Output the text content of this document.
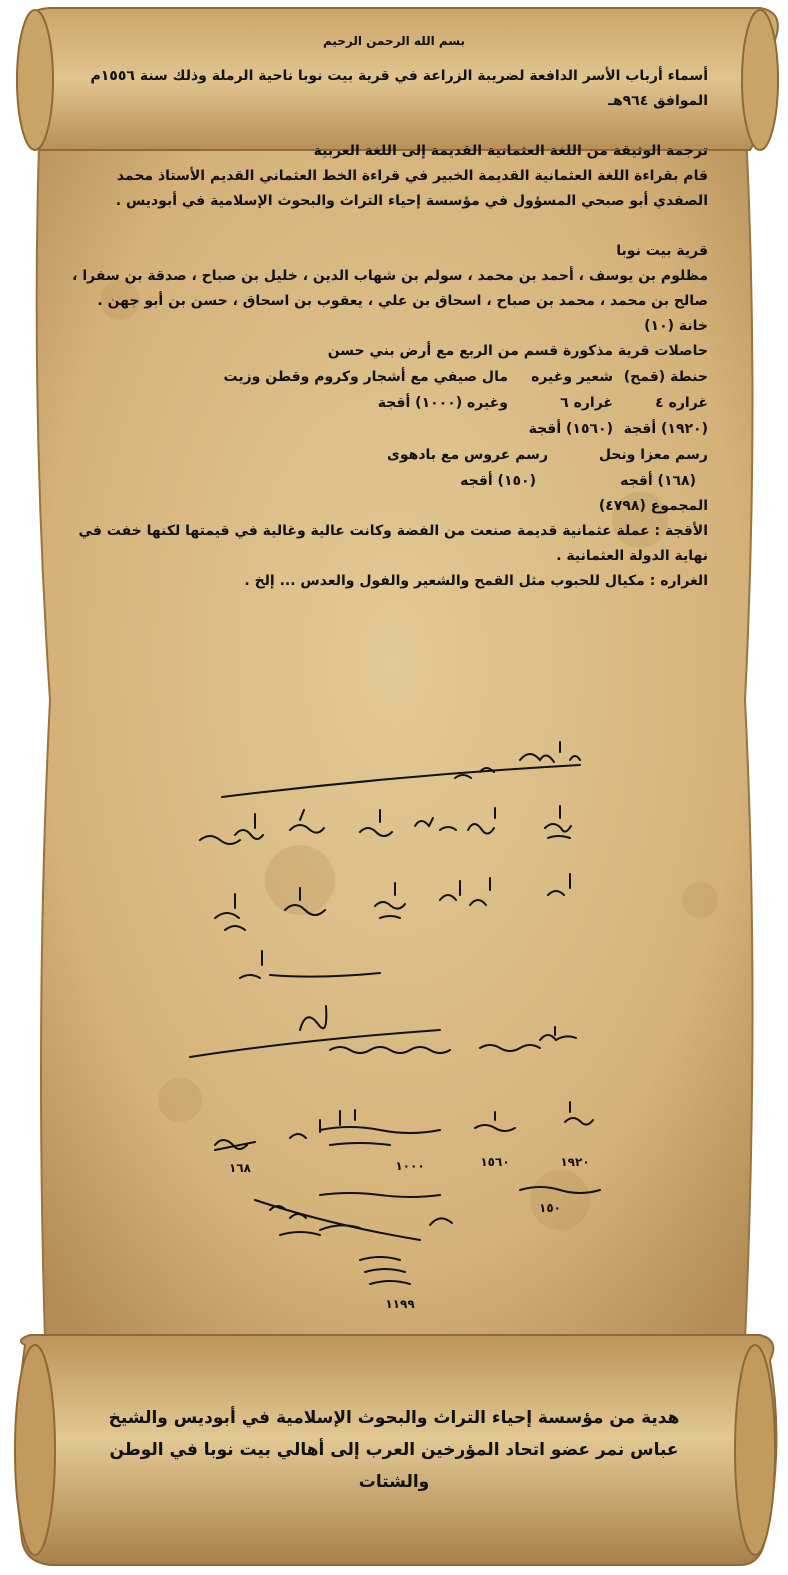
بسم الله الرحمن الرحيم

أسماء أرباب الأسر الدافعة لضريبة الزراعة في قرية بيت نوبا ناحية الرملة وذلك سنة ١٥٥٦م الموافق ٩٦٤هـ

ترجمة الوثيقة من اللغة العثمانية القديمة إلى اللغة العربية

قام بقراءة اللغة العثمانية القديمة الخبير في قراءة الخط العثماني القديم الأستاذ محمد الصفدي أبو صبحي المسؤول في مؤسسة إحياء التراث والبحوث الإسلامية في أبوديس .

قرية بيت نوبا

مظلوم بن يوسف ، أحمد بن محمد ، سولم بن شهاب الدين ، خليل بن صباح ، صدقة بن سفرا ، صالح بن محمد ، محمد بن صباح ، اسحاق بن علي ، يعقوب بن اسحاق ، حسن بن أبو جهن .

خانة (١٠)

حاصلات قرية مذكورة قسم من الربع مع أرض بني حسن

حنطة (قمح)
شعير وغيره
مال صيفي مع أشجار وكروم وقطن وزيت
غراره ٤
غراره ٦
وغيره (١٠٠٠) أقجة
(١٩٢٠) أقجة
(١٥٦٠) أقجة
رسم معزا ونحل
رسم عروس مع بادهوى
(١٦٨) أقجه
(١٥٠) أقجه

المجموع (٤٧٩٨)

الأقجة : عملة عثمانية قديمة صنعت من الفضة وكانت عالية وغالية في قيمتها لكنها خفت في نهاية الدولة العثمانية .

الغراره : مكيال للحبوب مثل القمح والشعير والفول والعدس ... إلخ .

١٩٢٠
١٥٦٠
١٠٠٠
١٦٨
١٥٠
١١٩٩
هدية من مؤسسة إحياء التراث والبحوث الإسلامية في أبوديس والشيخ عباس نمر عضو اتحاد المؤرخين العرب إلى أهالي بيت نوبا في الوطن والشتات
